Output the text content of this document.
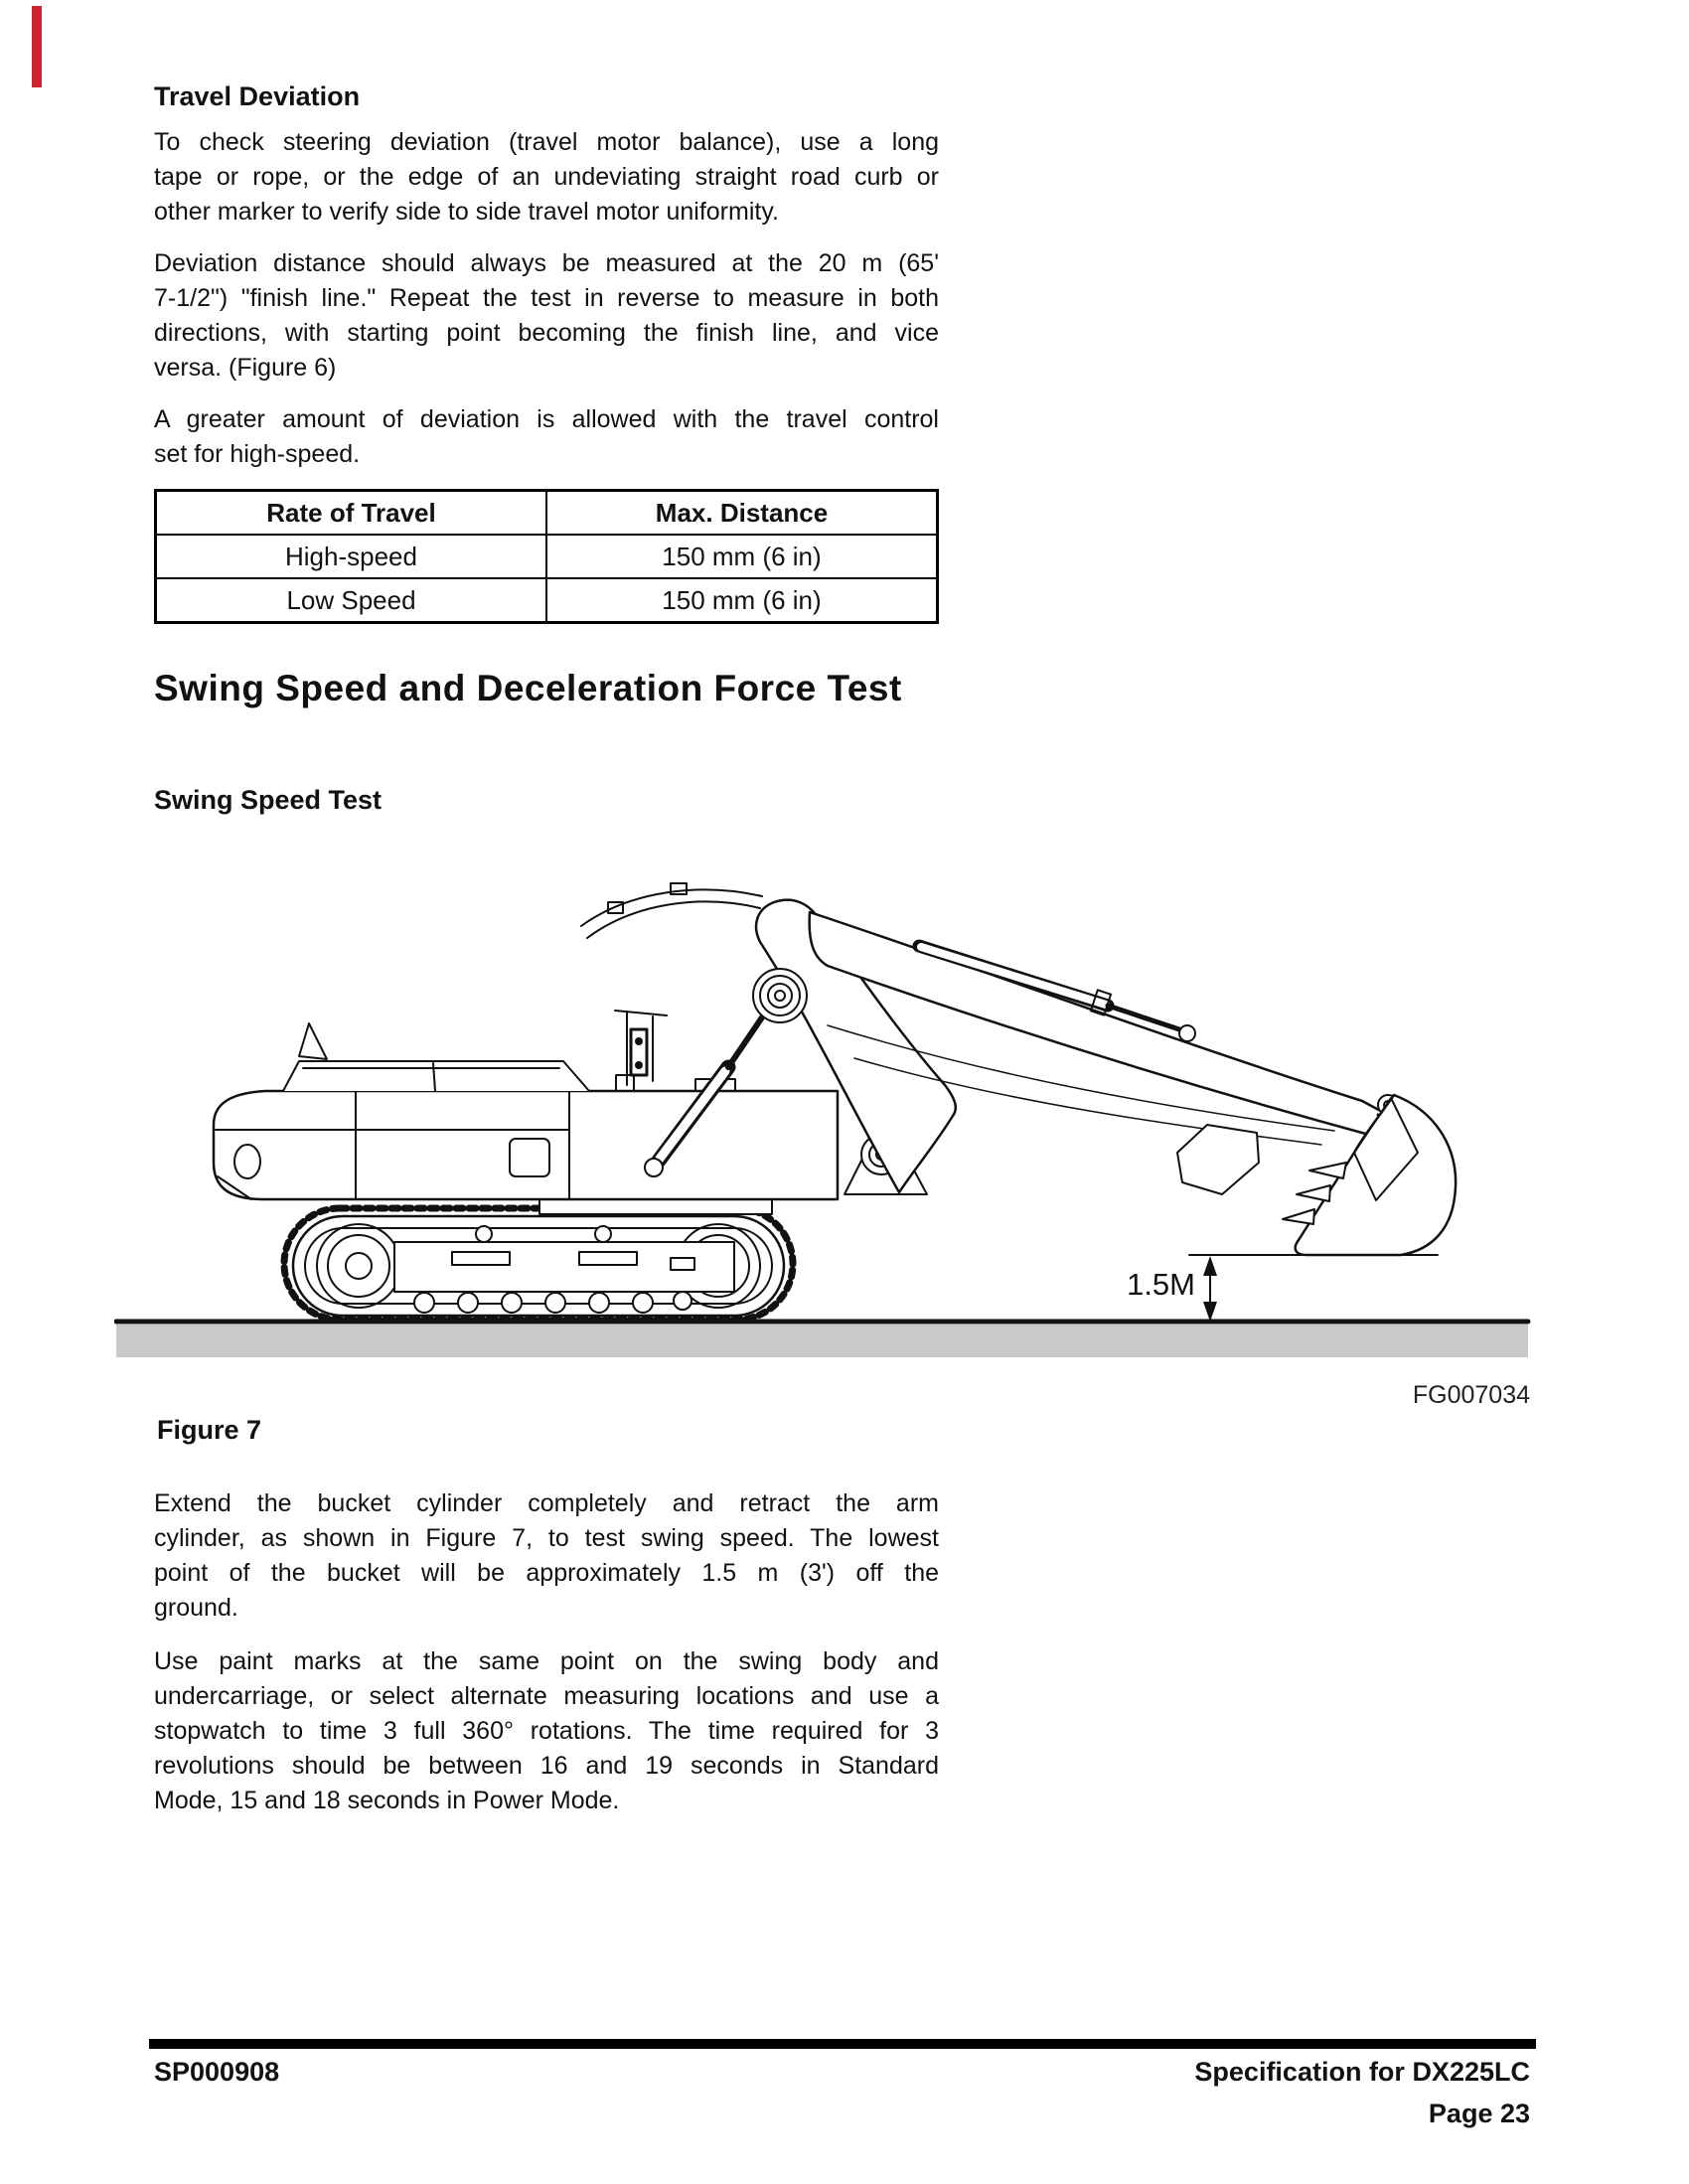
Travel Deviation
To check steering deviation (travel motor balance), use a long
tape or rope, or the edge of an undeviating straight road curb or
other marker to verify side to side travel motor uniformity.
Deviation distance should always be measured at the 20 m (65'
7-1/2") "finish line." Repeat the test in reverse to measure in both
directions, with starting point becoming the finish line, and vice
versa. (Figure 6)
A greater amount of deviation is allowed with the travel control
set for high-speed.
Rate of Travel	Max. Distance
High-speed	150 mm (6 in)
Low Speed	150 mm (6 in)
Swing Speed and Deceleration Force Test
Swing Speed Test
1.5M
FG007034
Figure 7
Extend the bucket cylinder completely and retract the arm
cylinder, as shown in Figure 7, to test swing speed. The lowest
point of the bucket will be approximately 1.5 m (3') off the
ground.
Use paint marks at the same point on the swing body and
undercarriage, or select alternate measuring locations and use a
stopwatch to time 3 full 360° rotations. The time required for 3
revolutions should be between 16 and 19 seconds in Standard
Mode, 15 and 18 seconds in Power Mode.
SP000908	Specification for DX225LC
Page 23
